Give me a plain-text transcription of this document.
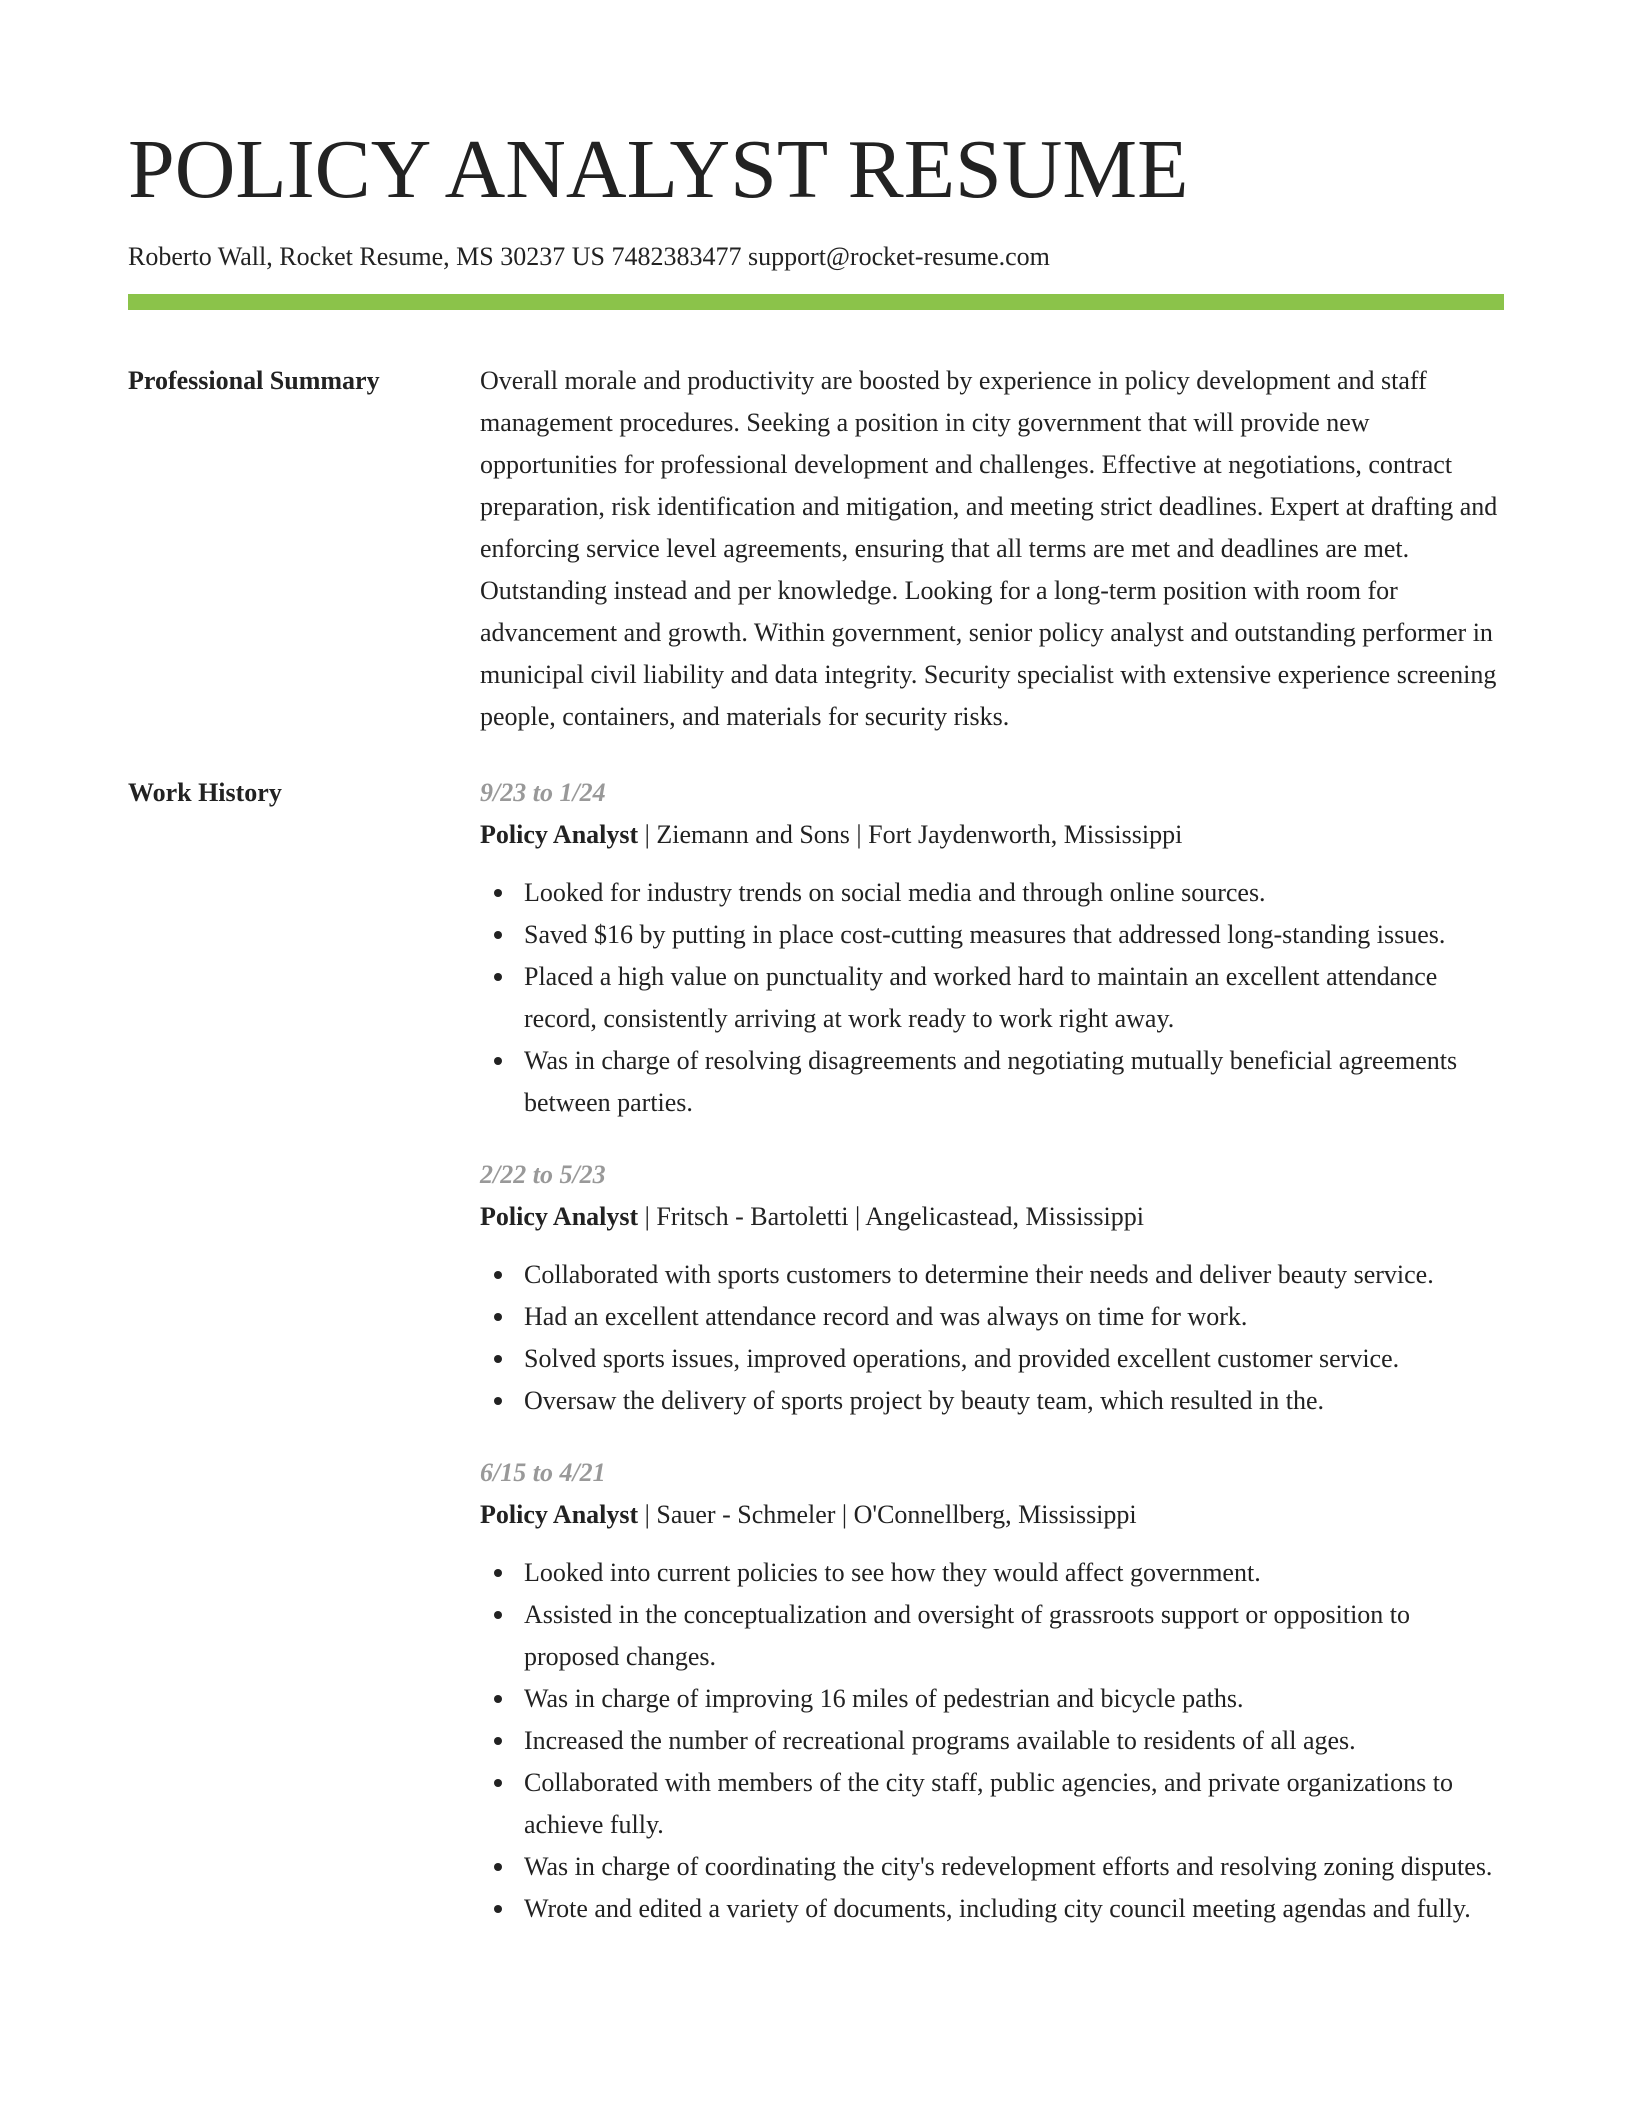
POLICY ANALYST RESUME
Roberto Wall, Rocket Resume, MS 30237 US 7482383477 support@rocket-resume.com
Professional Summary	Overall morale and productivity are boosted by experience in policy development and staff management procedures. Seeking a position in city government that will provide new opportunities for professional development and challenges. Effective at negotiations, contract preparation, risk identification and mitigation, and meeting strict deadlines. Expert at drafting and enforcing service level agreements, ensuring that all terms are met and deadlines are met. Outstanding instead and per knowledge. Looking for a long-term position with room for advancement and growth. Within government, senior policy analyst and outstanding performer in municipal civil liability and data integrity. Security specialist with extensive experience screening people, containers, and materials for security risks.
Work History	9/23 to 1/24
Policy Analyst | Ziemann and Sons | Fort Jaydenworth, Mississippi
Looked for industry trends on social media and through online sources.
Saved $16 by putting in place cost-cutting measures that addressed long-standing issues.
Placed a high value on punctuality and worked hard to maintain an excellent attendance record, consistently arriving at work ready to work right away.
Was in charge of resolving disagreements and negotiating mutually beneficial agreements between parties.
2/22 to 5/23
Policy Analyst | Fritsch - Bartoletti | Angelicastead, Mississippi
Collaborated with sports customers to determine their needs and deliver beauty service.
Had an excellent attendance record and was always on time for work.
Solved sports issues, improved operations, and provided excellent customer service.
Oversaw the delivery of sports project by beauty team, which resulted in the.
6/15 to 4/21
Policy Analyst | Sauer - Schmeler | O'Connellberg, Mississippi
Looked into current policies to see how they would affect government.
Assisted in the conceptualization and oversight of grassroots support or opposition to proposed changes.
Was in charge of improving 16 miles of pedestrian and bicycle paths.
Increased the number of recreational programs available to residents of all ages.
Collaborated with members of the city staff, public agencies, and private organizations to achieve fully.
Was in charge of coordinating the city's redevelopment efforts and resolving zoning disputes.
Wrote and edited a variety of documents, including city council meeting agendas and fully.
